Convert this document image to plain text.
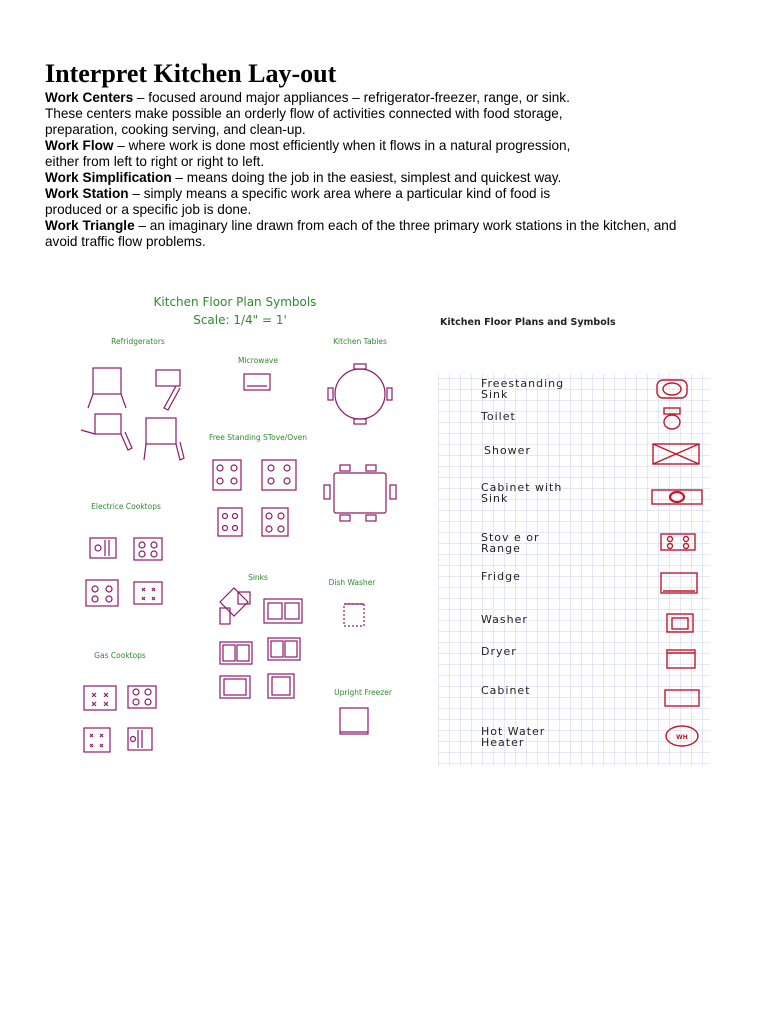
Interpret Kitchen Lay-out
Work Centers – focused around major appliances – refrigerator-freezer, range, or sink.
These centers make possible an orderly flow of activities connected with food storage,
preparation, cooking serving, and clean-up.
Work Flow – where work is done most efficiently when it flows in a natural progression,
either from left to right or right to left.
Work Simplification – means doing the job in the easiest, simplest and quickest way.
Work Station – simply means a specific work area where a particular kind of food is
produced or a specific job is done.
Work Triangle – an imaginary line drawn from each of the three primary work stations in the kitchen, and
avoid traffic flow problems.
Kitchen Floor Plan Symbols
Scale: 1/4" = 1'
Refridgerators
Microwave
Kitchen Tables
Free Standing STove/Oven
Electrice Cooktops
Sinks
Dish Washer
Gas Cooktops
Upright Freezer
Kitchen Floor Plans and Symbols
Freestanding
Sink
Toilet
Shower
Cabinet with
Sink
Stov e or
Range
Fridge
Washer
Dryer
Cabinet
Hot Water
Heater	WH
